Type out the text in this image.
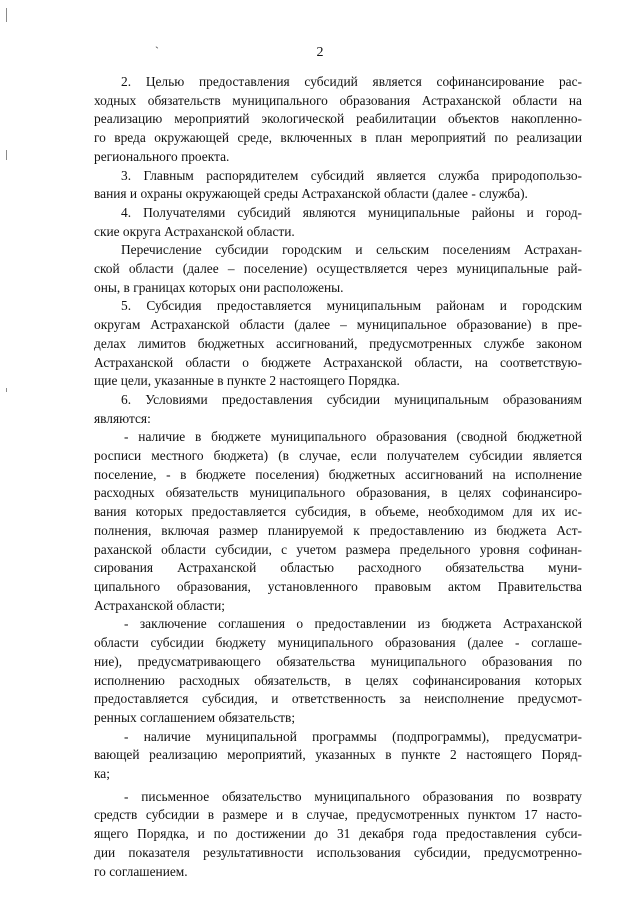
`	2
2. Целью предоставления субсидий является софинансирование рас-
ходных обязательств муниципального образования Астраханской области на
реализацию мероприятий экологической реабилитации объектов накопленно-
го вреда окружающей среде, включенных в план мероприятий по реализации
регионального проекта.
3. Главным распорядителем субсидий является служба природопользо-
вания и охраны окружающей среды Астраханской области (далее - служба).
4. Получателями субсидий являются муниципальные районы и город-
ские округа Астраханской области.
Перечисление субсидии городским и сельским поселениям Астрахан-
ской области (далее – поселение) осуществляется через муниципальные рай-
оны, в границах которых они расположены.
5. Субсидия предоставляется муниципальным районам и городским
округам Астраханской области (далее – муниципальное образование) в пре-
делах лимитов бюджетных ассигнований, предусмотренных службе законом
Астраханской области о бюджете Астраханской области, на соответствую-
щие цели, указанные в пункте 2 настоящего Порядка.
6. Условиями предоставления субсидии муниципальным образованиям
являются:
- наличие в бюджете муниципального образования (сводной бюджетной
росписи местного бюджета) (в случае, если получателем субсидии является
поселение, - в бюджете поселения) бюджетных ассигнований на исполнение
расходных обязательств муниципального образования, в целях софинансиро-
вания которых предоставляется субсидия, в объеме, необходимом для их ис-
полнения, включая размер планируемой к предоставлению из бюджета Аст-
раханской области субсидии, с учетом размера предельного уровня софинан-
сирования Астраханской областью расходного обязательства муни-
ципального образования, установленного правовым актом Правительства
Астраханской области;
- заключение соглашения о предоставлении из бюджета Астраханской
области субсидии бюджету муниципального образования (далее - соглаше-
ние), предусматривающего обязательства муниципального образования по
исполнению расходных обязательств, в целях софинансирования которых
предоставляется субсидия, и ответственность за неисполнение предусмот-
ренных соглашением обязательств;
- наличие муниципальной программы (подпрограммы), предусматри-
вающей реализацию мероприятий, указанных в пункте 2 настоящего Поряд-
ка;
- письменное обязательство муниципального образования по возврату
средств субсидии в размере и в случае, предусмотренных пунктом 17 насто-
ящего Порядка, и по достижении до 31 декабря года предоставления субси-
дии показателя результативности использования субсидии, предусмотренно-
го соглашением.
